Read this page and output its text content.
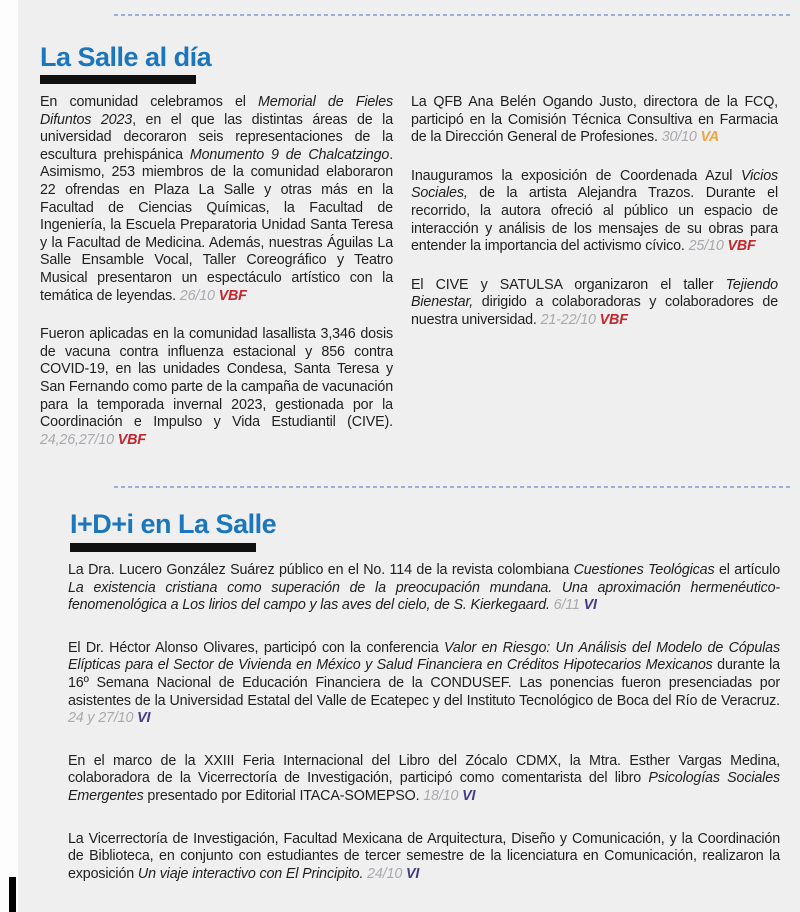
La Salle al día

En comunidad celebramos el Memorial de Fieles Difuntos 2023, en el que las distintas áreas de la universidad decoraron seis representaciones de la escultura prehispánica Monumento 9 de Chalcatzingo. Asimismo, 253 miembros de la comunidad elaboraron 22 ofrendas en Plaza La Salle y otras más en la Facultad de Ciencias Químicas, la Facultad de Ingeniería, la Escuela Preparatoria Unidad Santa Teresa y la Facultad de Medicina. Además, nuestras Águilas La Salle Ensamble Vocal, Taller Coreográfico y Teatro Musical presentaron un espectáculo artístico con la temática de leyendas. 26/10 VBF

Fueron aplicadas en la comunidad lasallista 3,346 dosis de vacuna contra influenza estacional y 856 contra COVID-19, en las unidades Condesa, Santa Teresa y San Fernando como parte de la campaña de vacunación para la temporada invernal 2023, gestionada por la Coordinación e Impulso y Vida Estudiantil (CIVE). 24,26,27/10 VBF

La QFB Ana Belén Ogando Justo, directora de la FCQ, participó en la Comisión Técnica Consultiva en Farmacia de la Dirección General de Profesiones. 30/10 VA

Inauguramos la exposición de Coordenada Azul Vicios Sociales, de la artista Alejandra Trazos. Durante el recorrido, la autora ofreció al público un espacio de interacción y análisis de los mensajes de su obras para entender la importancia del activismo cívico. 25/10 VBF

El CIVE y SATULSA organizaron el taller Tejiendo Bienestar, dirigido a colaboradoras y colaboradores de nuestra universidad. 21-22/10 VBF

I+D+i en La Salle

La Dra. Lucero González Suárez público en el No. 114 de la revista colombiana Cuestiones Teológicas el artículo La existencia cristiana como superación de la preocupación mundana. Una aproximación hermenéutico-fenomenológica a Los lirios del campo y las aves del cielo, de S. Kierkegaard. 6/11 VI

El Dr. Héctor Alonso Olivares, participó con la conferencia Valor en Riesgo: Un Análisis del Modelo de Cópulas Elípticas para el Sector de Vivienda en México y Salud Financiera en Créditos Hipotecarios Mexicanos durante la 16º Semana Nacional de Educación Financiera de la CONDUSEF. Las ponencias fueron presenciadas por asistentes de la Universidad Estatal del Valle de Ecatepec y del Instituto Tecnológico de Boca del Río de Veracruz. 24 y 27/10 VI

En el marco de la XXIII Feria Internacional del Libro del Zócalo CDMX, la Mtra. Esther Vargas Medina, colaboradora de la Vicerrectoría de Investigación, participó como comentarista del libro Psicologías Sociales Emergentes presentado por Editorial ITACA-SOMEPSO. 18/10 VI

La Vicerrectoría de Investigación, Facultad Mexicana de Arquitectura, Diseño y Comunicación, y la Coordinación de Biblioteca, en conjunto con estudiantes de tercer semestre de la licenciatura en Comunicación, realizaron la exposición Un viaje interactivo con El Principito. 24/10 VI
